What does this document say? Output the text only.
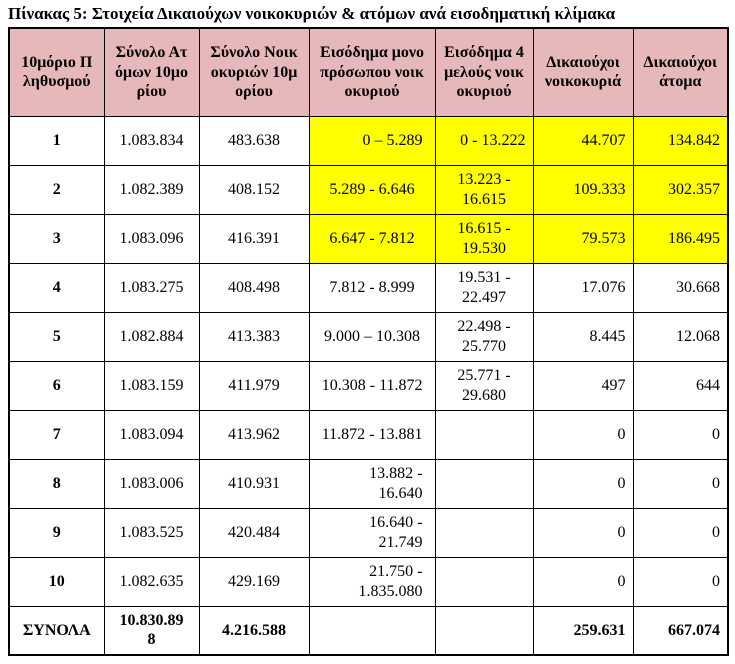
Πίνακας 5: Στοιχεία Δικαιούχων νοικοκυριών & ατόμων ανά εισοδηματική κλίμακα
10μόριο Πληθυσμού	Σύνολο Ατόμων 10μορίου	Σύνολο Νοικοκυριών 10μορίου	Εισόδημα μονοπρόσωπου νοικοκυριού	Εισόδημα 4μελούς νοικοκυριού	Δικαιούχοι νοικοκυριά	Δικαιούχοι άτομα
1	1.083.834	483.638	0 – 5.289	0 - 13.222	44.707	134.842
2	1.082.389	408.152	5.289 - 6.646	13.223 - 16.615	109.333	302.357
3	1.083.096	416.391	6.647 - 7.812	16.615 - 19.530	79.573	186.495
4	1.083.275	408.498	7.812 - 8.999	19.531 - 22.497	17.076	30.668
5	1.082.884	413.383	9.000 – 10.308	22.498 - 25.770	8.445	12.068
6	1.083.159	411.979	10.308 - 11.872	25.771 - 29.680	497	644
7	1.083.094	413.962	11.872 - 13.881		0	0
8	1.083.006	410.931	13.882 - 16.640		0	0
9	1.083.525	420.484	16.640 - 21.749		0	0
10	1.082.635	429.169	21.750 - 1.835.080		0	0
ΣΥΝΟΛΑ	10.830.898	4.216.588			259.631	667.074
